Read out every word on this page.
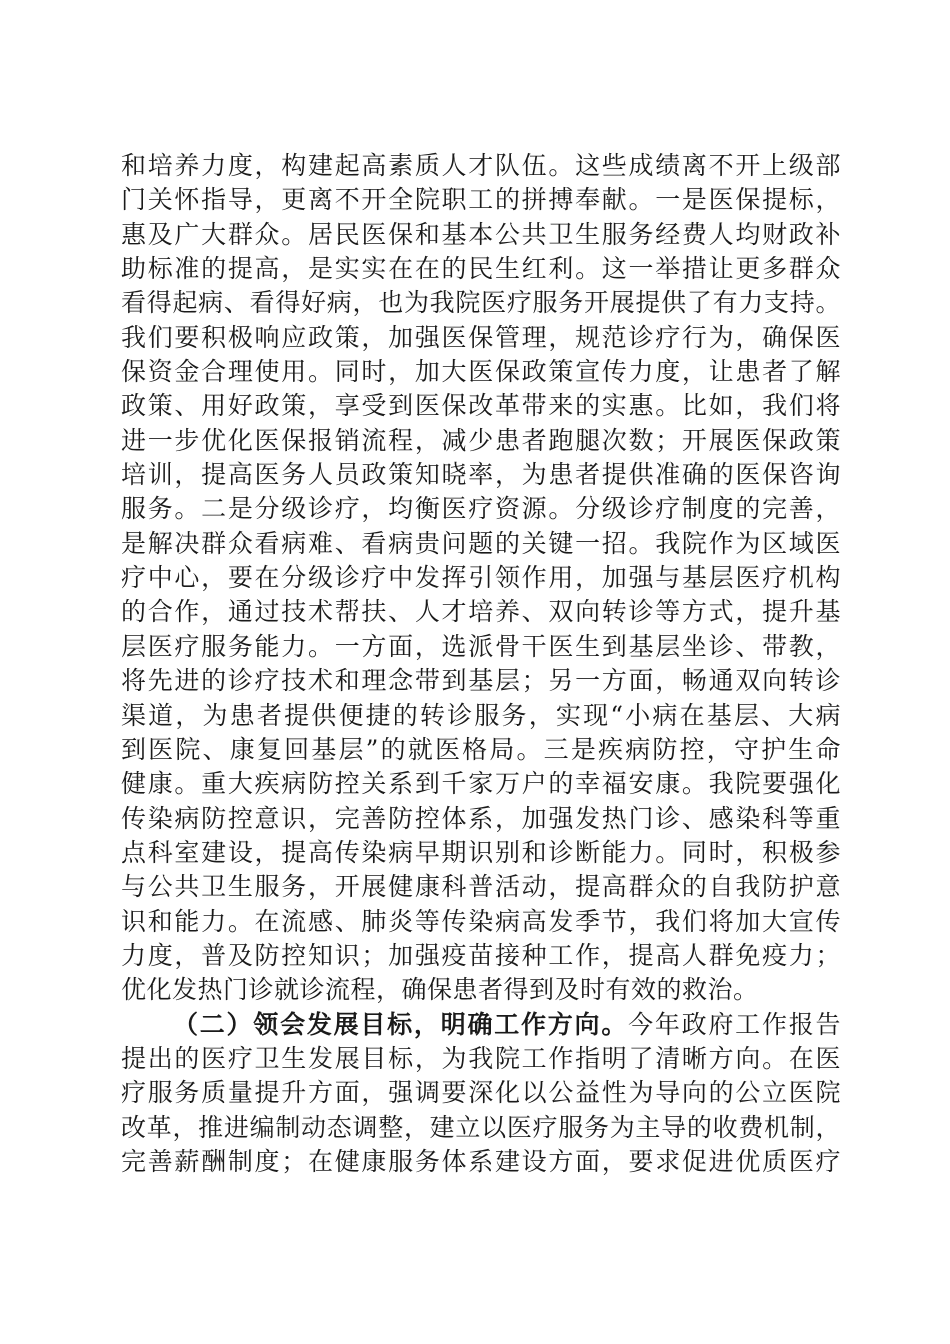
和培养力度，构建起高素质人才队伍。这些成绩离不开上级部
门关怀指导，更离不开全院职工的拼搏奉献。一是医保提标，
惠及广大群众。居民医保和基本公共卫生服务经费人均财政补
助标准的提高，是实实在在的民生红利。这一举措让更多群众
看得起病、看得好病，也为我院医疗服务开展提供了有力支持。
我们要积极响应政策，加强医保管理，规范诊疗行为，确保医
保资金合理使用。同时，加大医保政策宣传力度，让患者了解
政策、用好政策，享受到医保改革带来的实惠。比如，我们将
进一步优化医保报销流程，减少患者跑腿次数；开展医保政策
培训，提高医务人员政策知晓率，为患者提供准确的医保咨询
服务。二是分级诊疗，均衡医疗资源。分级诊疗制度的完善，
是解决群众看病难、看病贵问题的关键一招。我院作为区域医
疗中心，要在分级诊疗中发挥引领作用，加强与基层医疗机构
的合作，通过技术帮扶、人才培养、双向转诊等方式，提升基
层医疗服务能力。一方面，选派骨干医生到基层坐诊、带教，
将先进的诊疗技术和理念带到基层；另一方面，畅通双向转诊
渠道，为患者提供便捷的转诊服务，实现“小病在基层、大病
到医院、康复回基层”的就医格局。三是疾病防控，守护生命
健康。重大疾病防控关系到千家万户的幸福安康。我院要强化
传染病防控意识，完善防控体系，加强发热门诊、感染科等重
点科室建设，提高传染病早期识别和诊断能力。同时，积极参
与公共卫生服务，开展健康科普活动，提高群众的自我防护意
识和能力。在流感、肺炎等传染病高发季节，我们将加大宣传
力度，普及防控知识；加强疫苗接种工作，提高人群免疫力；
优化发热门诊就诊流程，确保患者得到及时有效的救治。
（二）领会发展目标，明确工作方向。今年政府工作报告
提出的医疗卫生发展目标，为我院工作指明了清晰方向。在医
疗服务质量提升方面，强调要深化以公益性为导向的公立医院
改革，推进编制动态调整，建立以医疗服务为主导的收费机制，
完善薪酬制度；在健康服务体系建设方面，要求促进优质医疗
